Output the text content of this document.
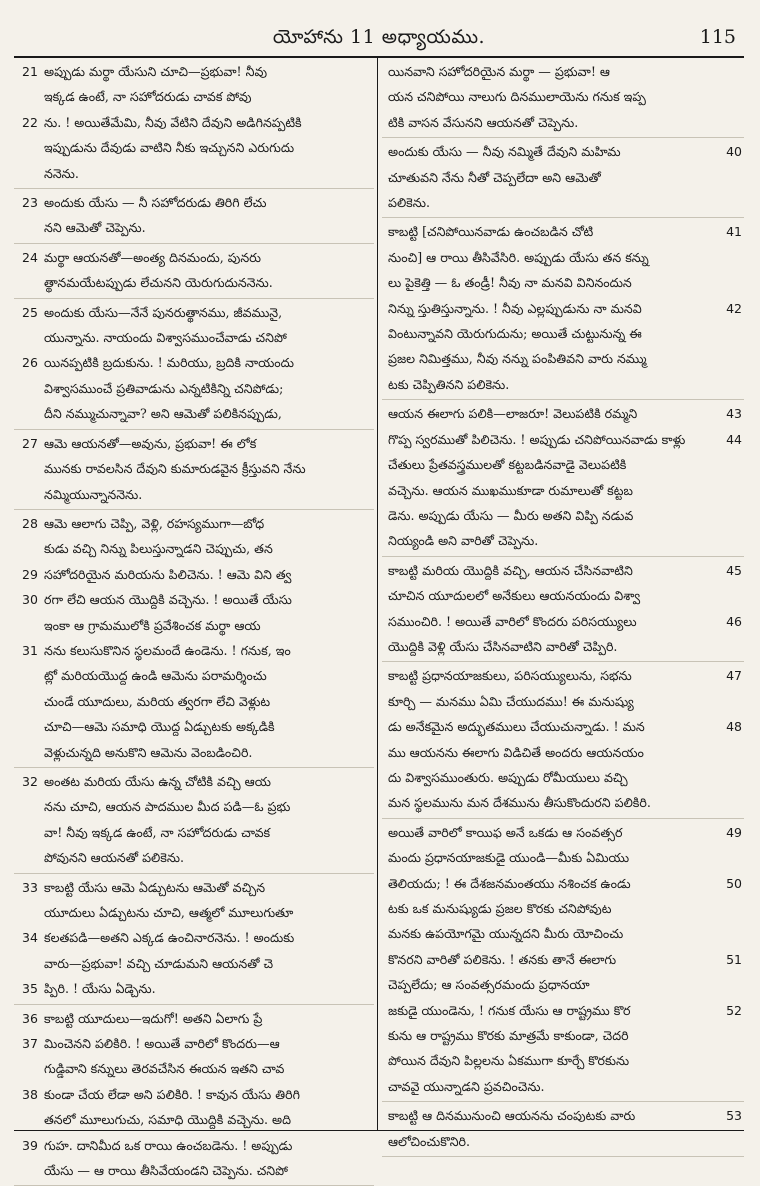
యోహాను 11 అధ్యాయము.	115
21 అప్పుడు మర్థా యేసుని చూచి—ప్రభువా! నీవు
ఇక్కడ ఉంటే, నా సహోదరుడు చావక పోవు
22 ను. ! అయితేమేమి, నీవు వేటిని దేవుని అడిగినప్పటికి
ఇప్పుడును దేవుడు వాటిని నీకు ఇచ్చునని ఎరుగుదు
ననెను.
23 అందుకు యేసు — నీ సహోదరుడు తిరిగి లేచు
నని ఆమెతో చెప్పెను.
24 మర్థా ఆయనతో—అంత్య దినమందు, పునరు
త్థానమయేటప్పుడు లేచునని యెరుగుదుననెను.
25 అందుకు యేసు—నేనే పునరుత్థానము, జీవమునై,
యున్నాను. నాయందు విశ్వాసముంచేవాడు చనిపో
26 యినప్పటికి బ్రదుకును. ! మరియు, బ్రదికి నాయందు
విశ్వాసముంచే ప్రతివాడును ఎన్నటికిన్ని చనిపోడు;
దీని నమ్ముచున్నావా? అని ఆమెతో పలికినప్పుడు,
27 ఆమె ఆయనతో—అవును, ప్రభువా! ఈ లోక
మునకు రావలసిన దేవుని కుమారుడవైన క్రీస్తువని నేను
నమ్మియున్నాననెను.
28 ఆమె ఆలాగు చెప్పి, వెళ్లి, రహస్యముగా—బోధ
కుడు వచ్చి నిన్ను పిలుస్తున్నాడని చెప్పుచు, తన
29 సహోదరియైన మరియను పిలిచెను. ! ఆమె విని త్వ
30 రగా లేచి ఆయన యొద్దికి వచ్చెను. ! అయితే యేసు
ఇంకా ఆ గ్రామములోకి ప్రవేశించక మర్థా ఆయ
31 నను కలుసుకొనిన స్థలమందే ఉండెను. ! గనుక, ఇం
ట్లో మరియయొద్ద ఉండి ఆమెను పరామర్శించు
చుండే యూదులు, మరియ త్వరగా లేచి వెళ్లుట
చూచి—ఆమె సమాధి యొద్ద ఏడ్చుటకు అక్కడికి
వెళ్లుచున్నది అనుకొని ఆమెను వెంబడించిరి.
32 అంతట మరియ యేసు ఉన్న చోటికి వచ్చి ఆయ
నను చూచి, ఆయన పాదముల మీద పడి—ఓ ప్రభు
వా! నీవు ఇక్కడ ఉంటే, నా సహోదరుడు చావక
పోవునని ఆయనతో పలికెను.
33 కాబట్టి యేసు ఆమె ఏడ్చుటను ఆమెతో వచ్చిన
యూదులు ఏడ్చుటను చూచి, ఆత్మలో మూలుగుతూ
34 కలతపడి—అతని ఎక్కడ ఉంచినారనెను. ! అందుకు
వారు—ప్రభువా! వచ్చి చూడుమని ఆయనతో చె
35 ప్పిరి. ! యేసు ఏడ్చెను.
36 కాబట్టి యూదులు—ఇదుగో! అతని ఏలాగు ప్రే
37 మించెనని పలికిరి. ! అయితే వారిలో కొందరు—ఆ
గుడ్డివాని కన్నులు తెరవచేసిన ఈయన ఇతని చావ
38 కుండా చేయ లేడా అని పలికిరి. ! కావున యేసు తిరిగి
తనలో మూలుగుచు, సమాధి యొద్దికి వచ్చెను. అది
39 గుహ. దానిమీద ఒక రాయి ఉంచబడెను. ! అప్పుడు
యేసు — ఆ రాయి తీసివేయండని చెప్పెను. చనిపో
యినవాని సహోదరియైన మర్థా — ప్రభువా! ఆ
యన చనిపోయి నాలుగు దినములాయెను గనుక ఇప్ప
టికి వాసన వేసునని ఆయనతో చెప్పెను.
అందుకు యేసు — నీవు నమ్మితే దేవుని మహిమ	40
చూతువని నేను నీతో చెప్పలేదా అని ఆమెతో
పలికెను.
కాబట్టి [చనిపోయినవాడు ఉంచబడిన చోటి	41
నుంచి] ఆ రాయి తీసివేసిరి. అప్పుడు యేసు తన కన్ను
లు పైకెత్తి — ఓ తండ్రీ! నీవు నా మనవి వినినందున
నిన్ను స్తుతిస్తున్నాను. ! నీవు ఎల్లప్పుడును నా మనవి	42
వింటున్నావని యెరుగుదును; అయితే చుట్టునున్న ఈ
ప్రజల నిమిత్తము, నీవు నన్ను పంపితివని వారు నమ్ము
టకు చెప్పితినని పలికెను.
ఆయన ఈలాగు పలికి—లాజరూ! వెలుపటికి రమ్మని	43
గొప్ప స్వరముతో పిలిచెను. ! అప్పుడు చనిపోయినవాడు కాళ్లు	44
చేతులు ప్రేతవస్త్రములతో కట్టబడినవాడై వెలుపటికి
వచ్చెను. ఆయన ముఖముకూడా రుమాలుతో కట్టబ
డెను. అప్పుడు యేసు — మీరు అతని విప్పి నడువ
నియ్యండి అని వారితో చెప్పెను.
కాబట్టి మరియ యొద్దికి వచ్చి, ఆయన చేసినవాటిని	45
చూచిన యూదులలో అనేకులు ఆయనయందు విశ్వా
సముంచిరి. ! అయితే వారిలో కొందరు పరిసయ్యులు	46
యొద్దికి వెళ్లి యేసు చేసినవాటిని వారితో చెప్పిరి.
కాబట్టి ప్రధానయాజకులు, పరిసయ్యులును, సభను	47
కూర్చి — మనము ఏమి చేయుదము! ఈ మనుష్యు
డు అనేకమైన అద్భుతములు చేయుచున్నాడు. ! మన	48
ము ఆయనను ఈలాగు విడిచితే అందరు ఆయనయం
దు విశ్వాసముంతురు. అప్పుడు రోమీయులు వచ్చి
మన స్థలమును మన దేశమును తీసుకొందురని పలికిరి.
అయితే వారిలో కాయిఫ అనే ఒకడు ఆ సంవత్సర	49
మందు ప్రధానయాజకుడై యుండి—మీకు ఏమియు
తెలియదు; ! ఈ దేశజనమంతయు నశించక ఉండు	50
టకు ఒక మనుష్యుడు ప్రజల కొరకు చనిపోవుట
మనకు ఉపయోగమై యున్నదని మీరు యోచించు
కొనరని వారితో పలికెను. ! తనకు తానే ఈలాగు	51
చెప్పలేదు; ఆ సంవత్సరమందు ప్రధానయా
జకుడై యుండెను, ! గనుక యేసు ఆ రాష్ట్రము కొర	52
కును ఆ రాష్ట్రము కొరకు మాత్రమే కాకుండా, చెదరి
పోయిన దేవుని పిల్లలను ఏకముగా కూర్చే కొరకును
చావవై యున్నాడని ప్రవచించెను.
కాబట్టి ఆ దినమునుంచి ఆయనను చంపుటకు వారు	53
ఆలోచించుకొనిరి.
